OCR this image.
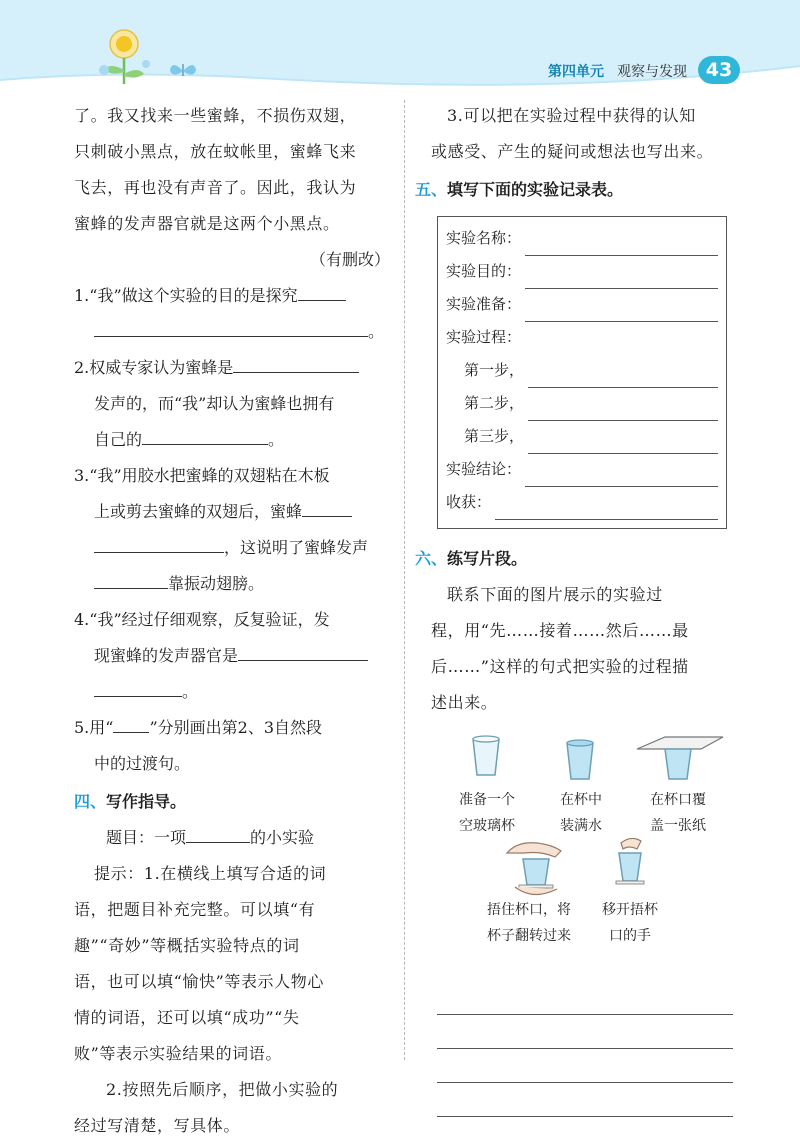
第四单元 观察与发现 43
了。我又找来一些蜜蜂，不损伤双翅，
只刺破小黑点，放在蚊帐里，蜜蜂飞来
飞去，再也没有声音了。因此，我认为
蜜蜂的发声器官就是这两个小黑点。
（有删改）
1.“我”做这个实验的目的是探究
。
2.权威专家认为蜜蜂是
发声的，而“我”却认为蜜蜂也拥有
自己的	。
3.“我”用胶水把蜜蜂的双翅粘在木板
上或剪去蜜蜂的双翅后，蜜蜂
，这说明了蜜蜂发声
靠振动翅膀。
4.“我”经过仔细观察，反复验证，发
现蜜蜂的发声器官是
。
5.用“ ”分别画出第2、3自然段
中的过渡句。
四、写作指导。
题目：一项	的小实验
提示：1.在横线上填写合适的词
语，把题目补充完整。可以填“有
趣”“奇妙”等概括实验特点的词
语，也可以填“愉快”等表示人物心
情的词语，还可以填“成功”“失
败”等表示实验结果的词语。
2.按照先后顺序，把做小实验的
经过写清楚，写具体。
3.可以把在实验过程中获得的认知
或感受、产生的疑问或想法也写出来。
五、填写下面的实验记录表。
实验名称：
实验目的：
实验准备：
实验过程：
第一步，
第二步，
第三步，
实验结论：
收获：
六、练写片段。
联系下面的图片展示的实验过
程，用“先……接着……然后……最
后……”这样的句式把实验的过程描
述出来。
准备一个
空玻璃杯
在杯中
装满水
在杯口覆
盖一张纸
捂住杯口，将
杯子翻转过来
移开捂杯
口的手
